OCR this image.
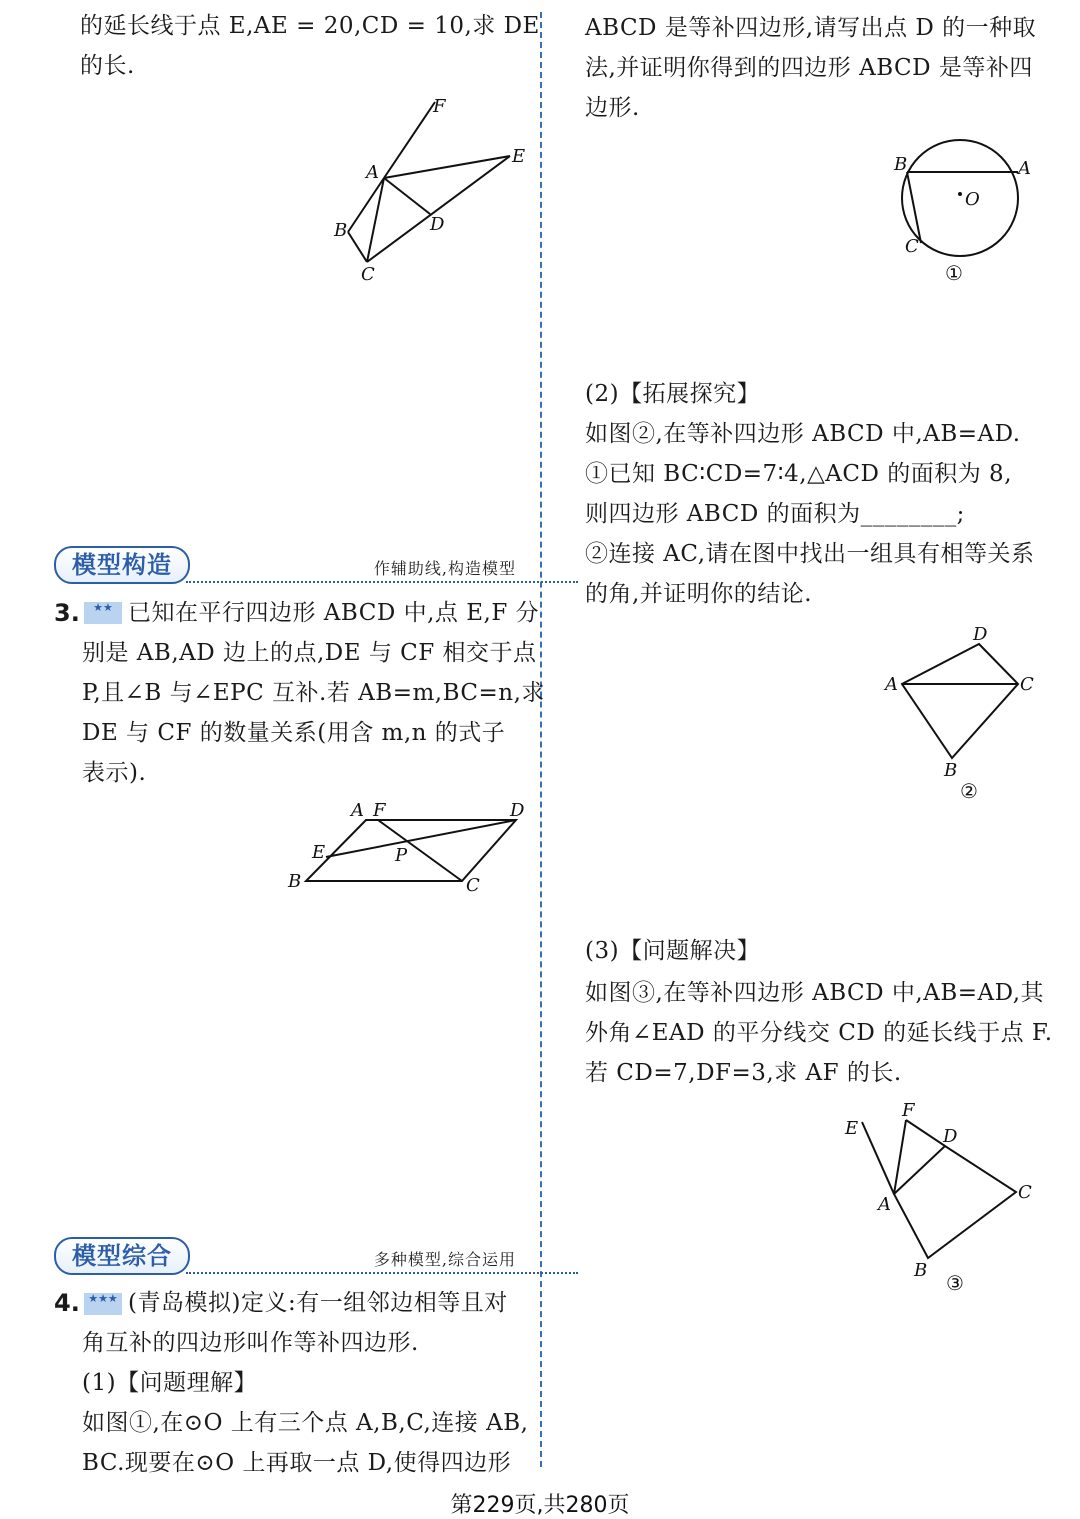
的延长线于点 E,AE = 20,CD = 10,求 DE
的长.
F
A
E
B	D
C
模型构造	作辅助线,构造模型
3.	★★ 已知在平行四边形 ABCD 中,点 E,F 分
别是 AB,AD 边上的点,DE 与 CF 相交于点
P,且∠B 与∠EPC 互补.若 AB=m,BC=n,求
DE 与 CF 的数量关系(用含 m,n 的式子
表示).
A F	D
E	P
B	C
模型综合	多种模型,综合运用
4. ★★★ (青岛模拟)定义:有一组邻边相等且对
角互补的四边形叫作等补四边形.
(1)【问题理解】
如图①,在⊙O 上有三个点 A,B,C,连接 AB,
BC.现要在⊙O 上再取一点 D,使得四边形
ABCD 是等补四边形,请写出点 D 的一种取
法,并证明你得到的四边形 ABCD 是等补四
边形.
B	A
O
C
①
(2)【拓展探究】
如图②,在等补四边形 ABCD 中,AB=AD.
①已知 BC∶CD=7∶4,△ACD 的面积为 8,
则四边形 ABCD 的面积为________;
②连接 AC,请在图中找出一组具有相等关系
的角,并证明你的结论.
D
A	C
B
②
(3)【问题解决】
如图③,在等补四边形 ABCD 中,AB=AD,其
外角∠EAD 的平分线交 CD 的延长线于点 F.
若 CD=7,DF=3,求 AF 的长.
E
F
D
C
A
B
③
第229页,共280页
